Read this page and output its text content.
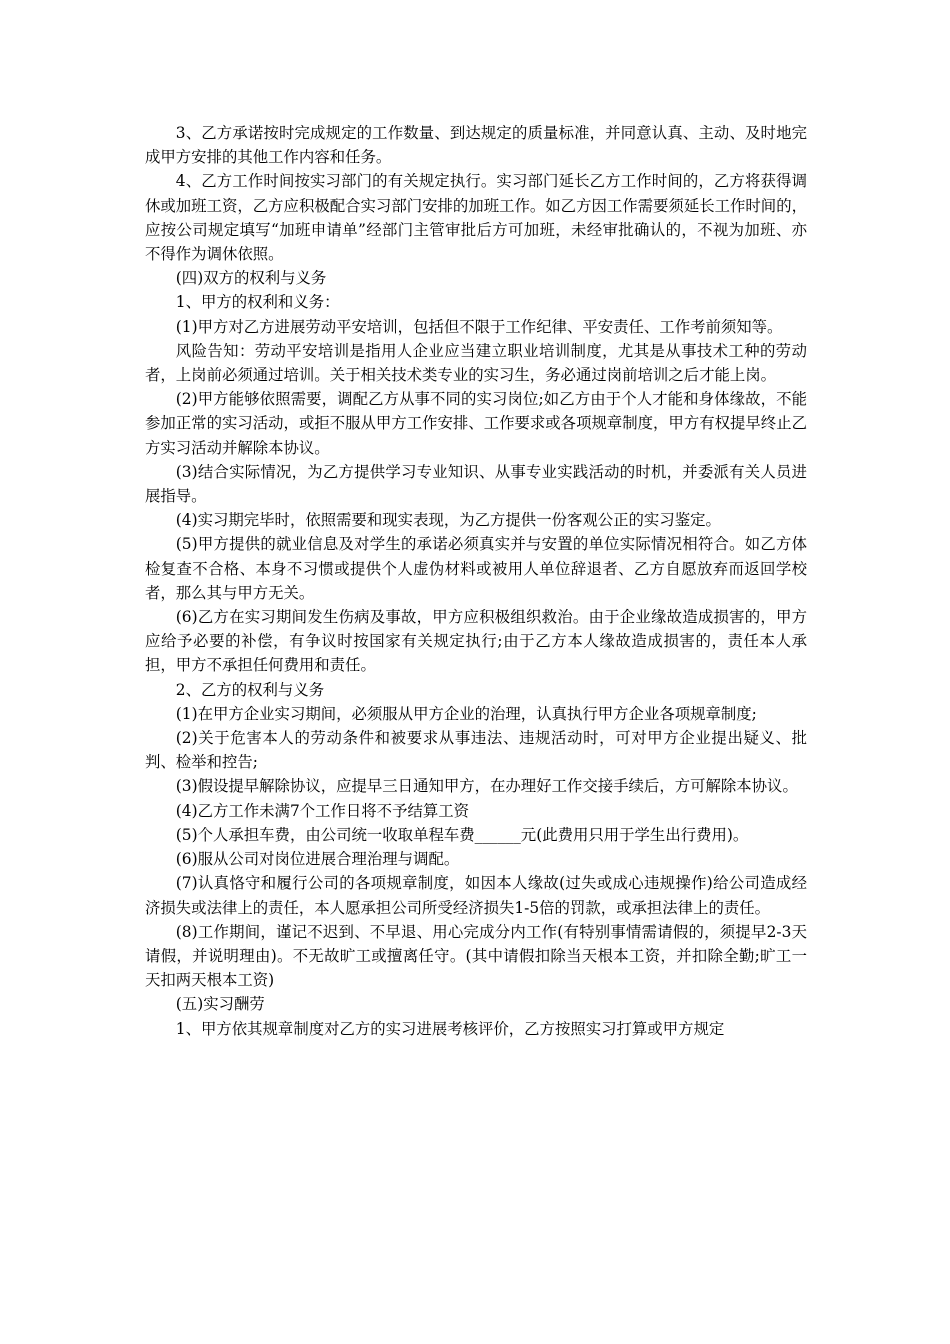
3、乙方承诺按时完成规定的工作数量、到达规定的质量标准，并同意认真、主动、及时地完成甲方安排的其他工作内容和任务。

4、乙方工作时间按实习部门的有关规定执行。实习部门延长乙方工作时间的，乙方将获得调休或加班工资，乙方应积极配合实习部门安排的加班工作。如乙方因工作需要须延长工作时间的，应按公司规定填写“加班申请单”经部门主管审批后方可加班，未经审批确认的，不视为加班、亦不得作为调休依照。

(四)双方的权利与义务

1、甲方的权利和义务：

(1)甲方对乙方进展劳动平安培训，包括但不限于工作纪律、平安责任、工作考前须知等。

风险告知：劳动平安培训是指用人企业应当建立职业培训制度，尤其是从事技术工种的劳动者，上岗前必须通过培训。关于相关技术类专业的实习生，务必通过岗前培训之后才能上岗。

(2)甲方能够依照需要，调配乙方从事不同的实习岗位;如乙方由于个人才能和身体缘故，不能参加正常的实习活动，或拒不服从甲方工作安排、工作要求或各项规章制度，甲方有权提早终止乙方实习活动并解除本协议。

(3)结合实际情况，为乙方提供学习专业知识、从事专业实践活动的时机，并委派有关人员进展指导。

(4)实习期完毕时，依照需要和现实表现，为乙方提供一份客观公正的实习鉴定。

(5)甲方提供的就业信息及对学生的承诺必须真实并与安置的单位实际情况相符合。如乙方体检复查不合格、本身不习惯或提供个人虚伪材料或被用人单位辞退者、乙方自愿放弃而返回学校者，那么其与甲方无关。

(6)乙方在实习期间发生伤病及事故，甲方应积极组织救治。由于企业缘故造成损害的，甲方应给予必要的补偿，有争议时按国家有关规定执行;由于乙方本人缘故造成损害的，责任本人承担，甲方不承担任何费用和责任。

2、乙方的权利与义务

(1)在甲方企业实习期间，必须服从甲方企业的治理，认真执行甲方企业各项规章制度;

(2)关于危害本人的劳动条件和被要求从事违法、违规活动时，可对甲方企业提出疑义、批判、检举和控告;

(3)假设提早解除协议，应提早三日通知甲方，在办理好工作交接手续后，方可解除本协议。

(4)乙方工作未满7个工作日将不予结算工资

(5)个人承担车费，由公司统一收取单程车费______元(此费用只用于学生出行费用)。

(6)服从公司对岗位进展合理治理与调配。

(7)认真恪守和履行公司的各项规章制度，如因本人缘故(过失或成心违规操作)给公司造成经济损失或法律上的责任，本人愿承担公司所受经济损失1-5倍的罚款，或承担法律上的责任。

(8)工作期间，谨记不迟到、不早退、用心完成分内工作(有特别事情需请假的，须提早2-3天请假，并说明理由)。不无故旷工或擅离任守。(其中请假扣除当天根本工资，并扣除全勤;旷工一天扣两天根本工资)

(五)实习酬劳

1、甲方依其规章制度对乙方的实习进展考核评价，乙方按照实习打算或甲方规定
